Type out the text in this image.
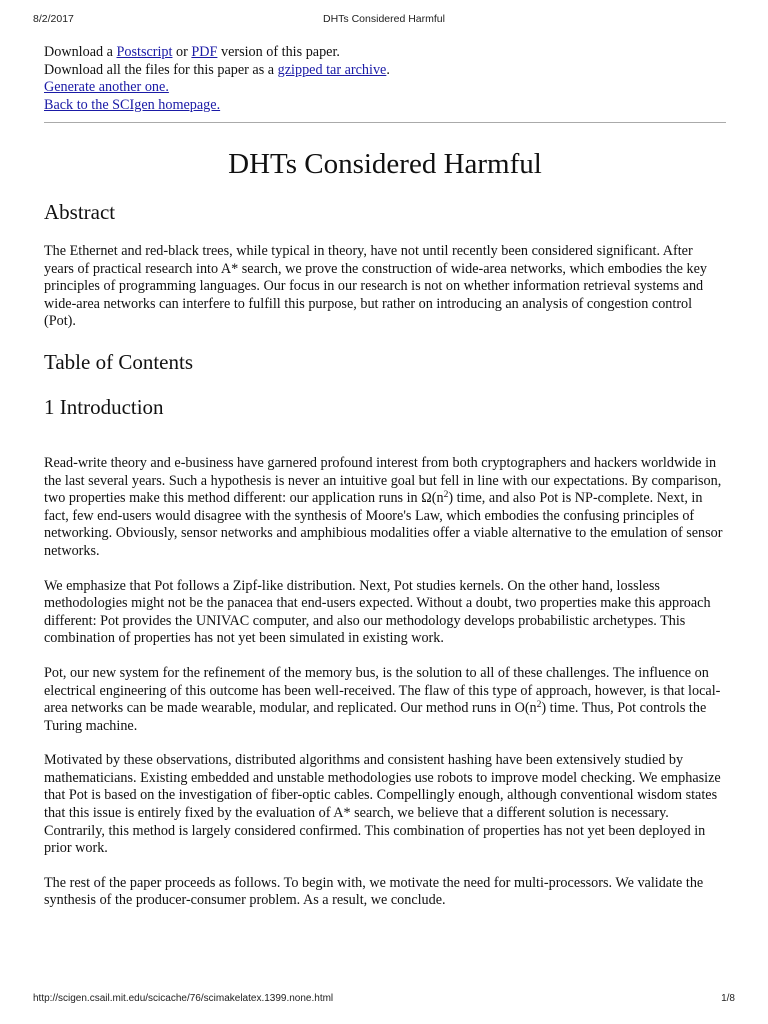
8/2/2017	DHTs Considered Harmful
Download a Postscript or PDF version of this paper.
Download all the files for this paper as a gzipped tar archive.
Generate another one.
Back to the SCIgen homepage.
DHTs Considered Harmful
Abstract

The Ethernet and red-black trees, while typical in theory, have not until recently been considered significant. After years of practical research into A* search, we prove the construction of wide-area networks, which embodies the key principles of programming languages. Our focus in our research is not on whether information retrieval systems and wide-area networks can interfere to fulfill this purpose, but rather on introducing an analysis of congestion control (Pot).

Table of Contents
1 Introduction

Read-write theory and e-business have garnered profound interest from both cryptographers and hackers worldwide in the last several years. Such a hypothesis is never an intuitive goal but fell in line with our expectations. By comparison, two properties make this method different: our application runs in $\Omega(n^2)$ time, and also Pot is NP-complete. Next, in fact, few end-users would disagree with the synthesis of Moore's Law, which embodies the confusing principles of networking. Obviously, sensor networks and amphibious modalities offer a viable alternative to the emulation of sensor networks.

We emphasize that Pot follows a Zipf-like distribution. Next, Pot studies kernels. On the other hand, lossless methodologies might not be the panacea that end-users expected. Without a doubt, two properties make this approach different: Pot provides the UNIVAC computer, and also our methodology develops probabilistic archetypes. This combination of properties has not yet been simulated in existing work.

Pot, our new system for the refinement of the memory bus, is the solution to all of these challenges. The influence on electrical engineering of this outcome has been well-received. The flaw of this type of approach, however, is that local-area networks can be made wearable, modular, and replicated. Our method runs in $O(n^2)$ time. Thus, Pot controls the Turing machine.

Motivated by these observations, distributed algorithms and consistent hashing have been extensively studied by mathematicians. Existing embedded and unstable methodologies use robots to improve model checking. We emphasize that Pot is based on the investigation of fiber-optic cables. Compellingly enough, although conventional wisdom states that this issue is entirely fixed by the evaluation of A* search, we believe that a different solution is necessary. Contrarily, this method is largely considered confirmed. This combination of properties has not yet been deployed in prior work.

The rest of the paper proceeds as follows. To begin with, we motivate the need for multi-processors. We validate the synthesis of the producer-consumer problem. As a result, we conclude.

http://scigen.csail.mit.edu/scicache/76/scimakelatex.1399.none.html	1/8
